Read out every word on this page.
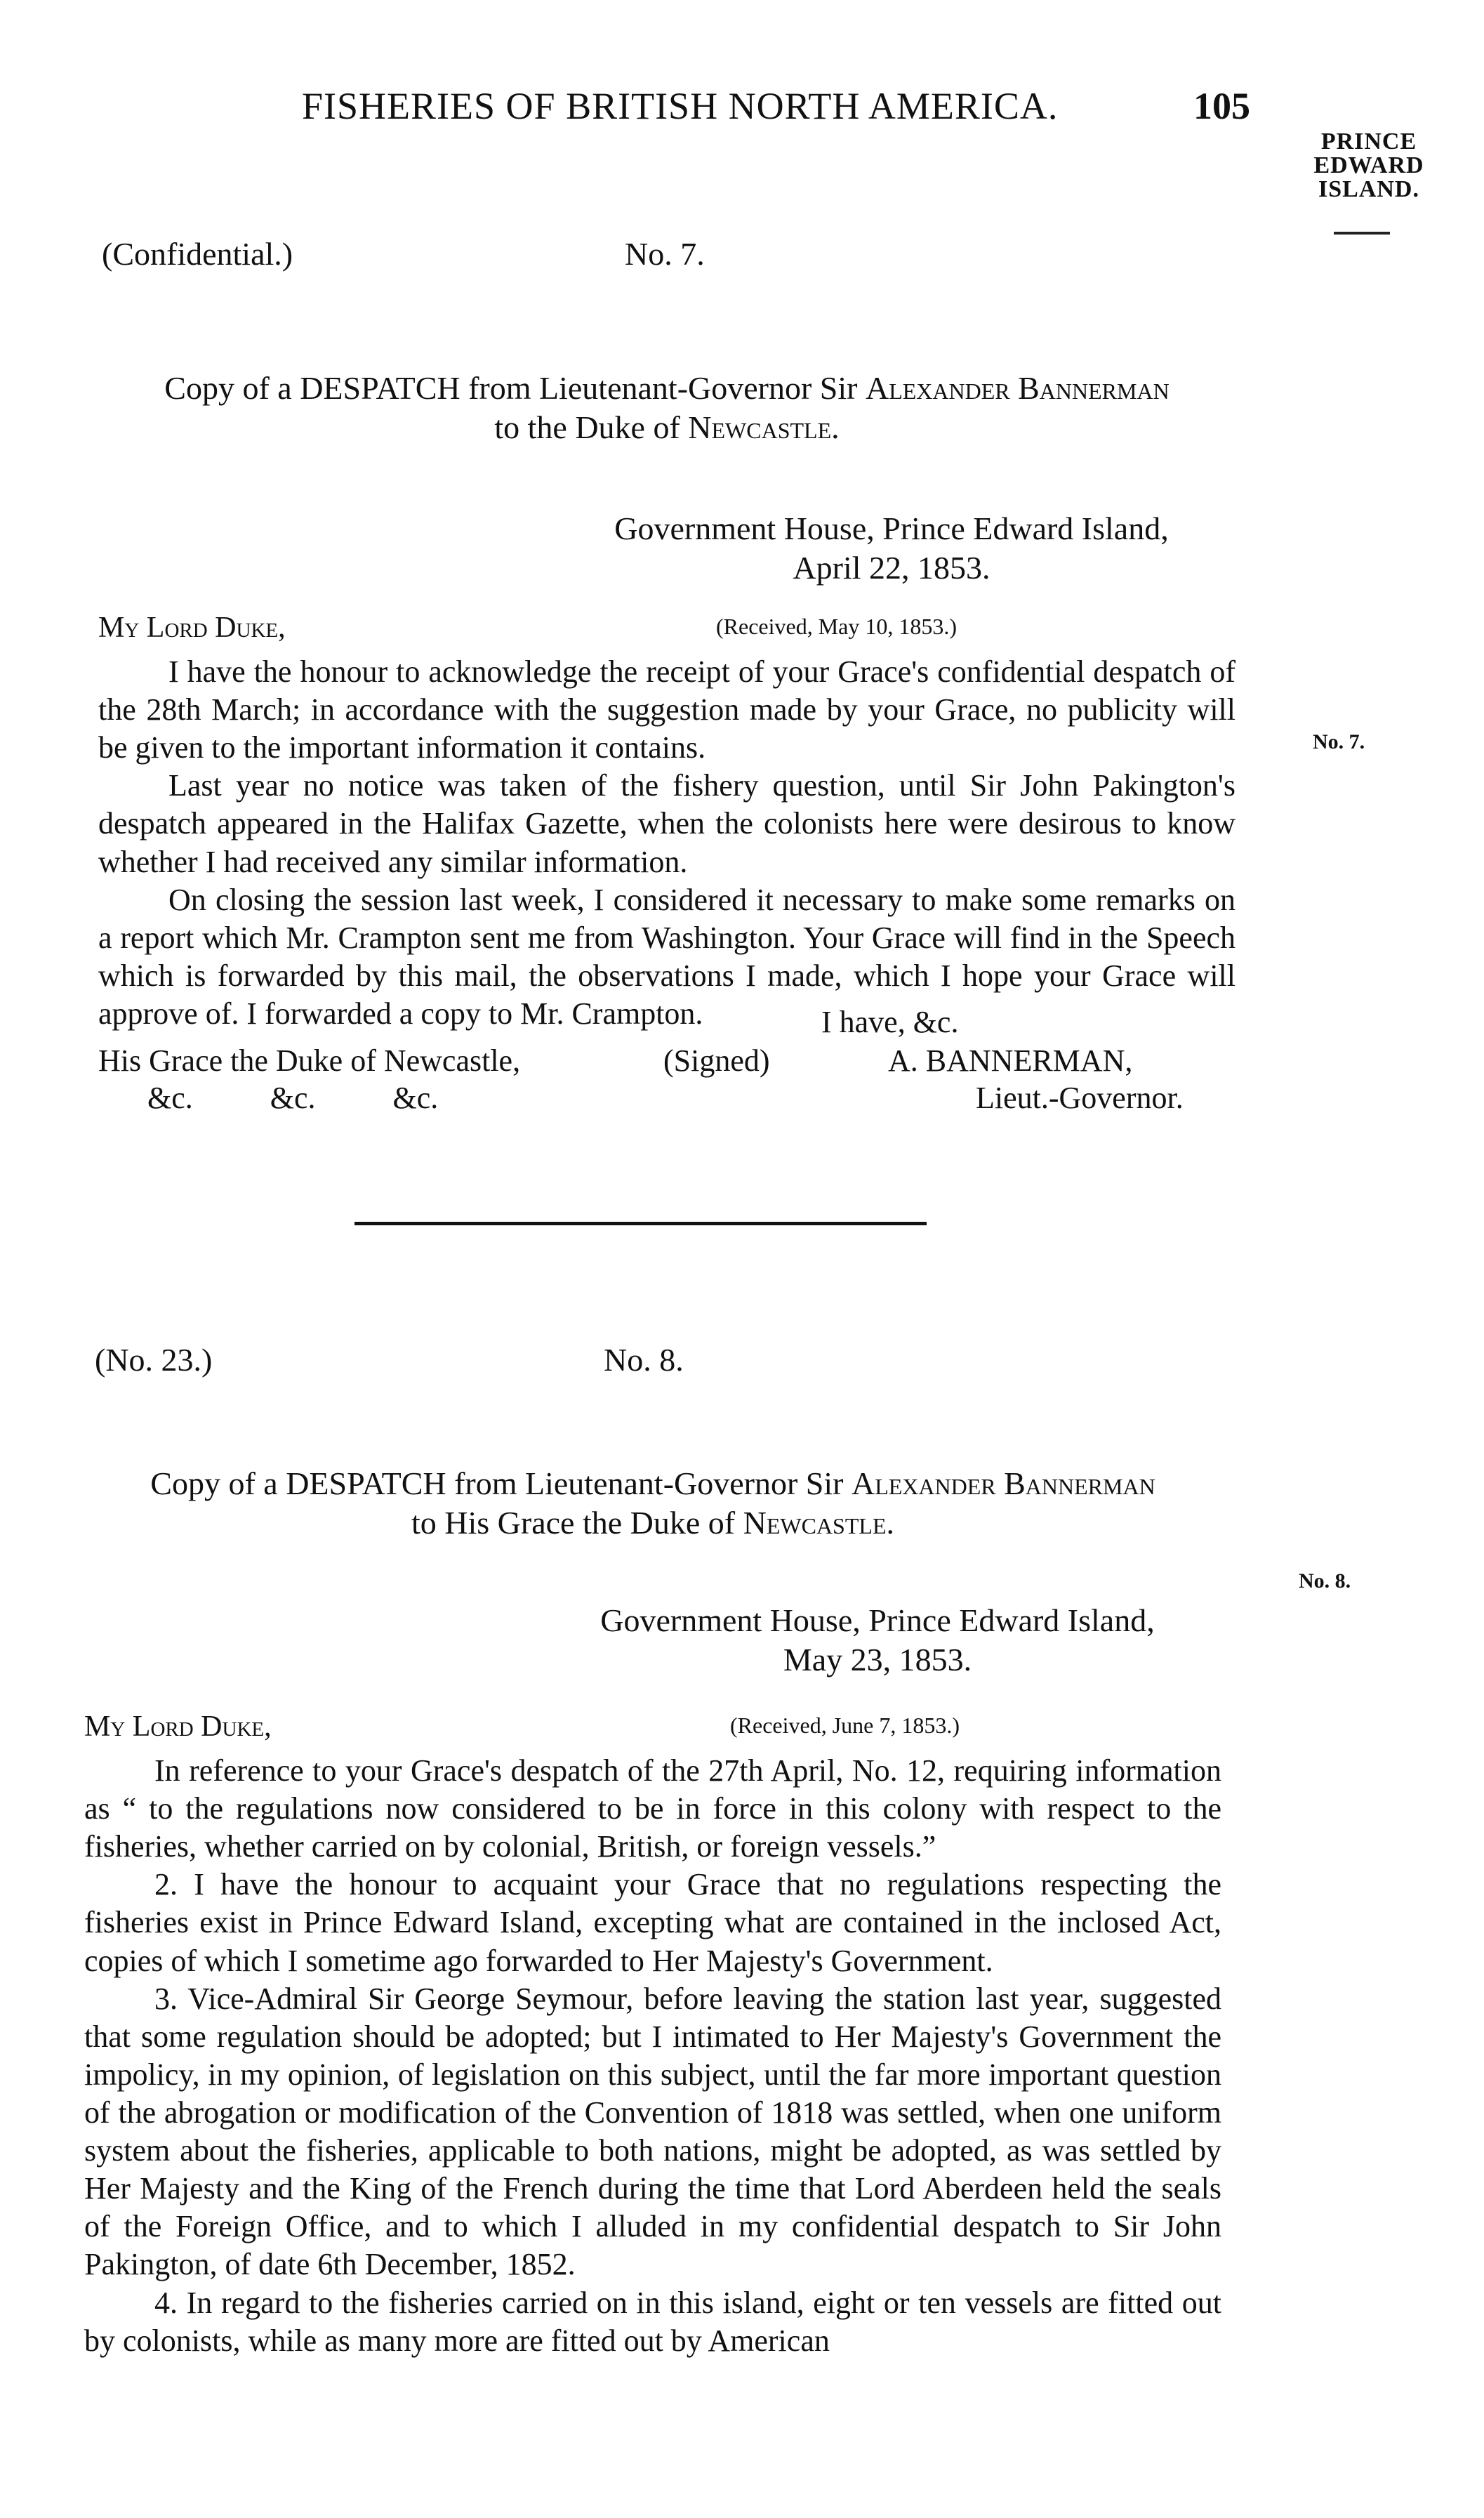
FISHERIES OF BRITISH NORTH AMERICA.	105
PRINCE
EDWARD
ISLAND.
(Confidential.)	No. 7.
Copy of a DESPATCH from Lieutenant-Governor Sir Alexander Bannerman
to the Duke of Newcastle.
Government House, Prince Edward Island,
April 22, 1853.
My Lord Duke,	(Received, May 10, 1853.)

I have the honour to acknowledge the receipt of your Grace's confidential despatch of the 28th March; in accordance with the suggestion made by your Grace, no publicity will be given to the important information it contains.

Last year no notice was taken of the fishery question, until Sir John Pakington's despatch appeared in the Halifax Gazette, when the colonists here were desirous to know whether I had received any similar information.

On closing the session last week, I considered it necessary to make some remarks on a report which Mr. Crampton sent me from Washington. Your Grace will find in the Speech which is forwarded by this mail, the observations I made, which I hope your Grace will approve of. I forwarded a copy to Mr. Crampton.

No. 7.
I have, &c.
His Grace the Duke of Newcastle,	(Signed)	A. BANNERMAN,
&c.          &c.          &c.	Lieut.-Governor.
(No. 23.)	No. 8.
Copy of a DESPATCH from Lieutenant-Governor Sir Alexander Bannerman
to His Grace the Duke of Newcastle.
No. 8.
Government House, Prince Edward Island,
May 23, 1853.
My Lord Duke,	(Received, June 7, 1853.)

In reference to your Grace's despatch of the 27th April, No. 12, requiring information as “ to the regulations now considered to be in force in this colony with respect to the fisheries, whether carried on by colonial, British, or foreign vessels.”

2. I have the honour to acquaint your Grace that no regulations respecting the fisheries exist in Prince Edward Island, excepting what are contained in the inclosed Act, copies of which I sometime ago forwarded to Her Majesty's Government.

3. Vice-Admiral Sir George Seymour, before leaving the station last year, suggested that some regulation should be adopted; but I intimated to Her Majesty's Government the impolicy, in my opinion, of legislation on this subject, until the far more important question of the abrogation or modification of the Convention of 1818 was settled, when one uniform system about the fisheries, applicable to both nations, might be adopted, as was settled by Her Majesty and the King of the French during the time that Lord Aberdeen held the seals of the Foreign Office, and to which I alluded in my confidential despatch to Sir John Pakington, of date 6th December, 1852.

4. In regard to the fisheries carried on in this island, eight or ten vessels are fitted out by colonists, while as many more are fitted out by American
